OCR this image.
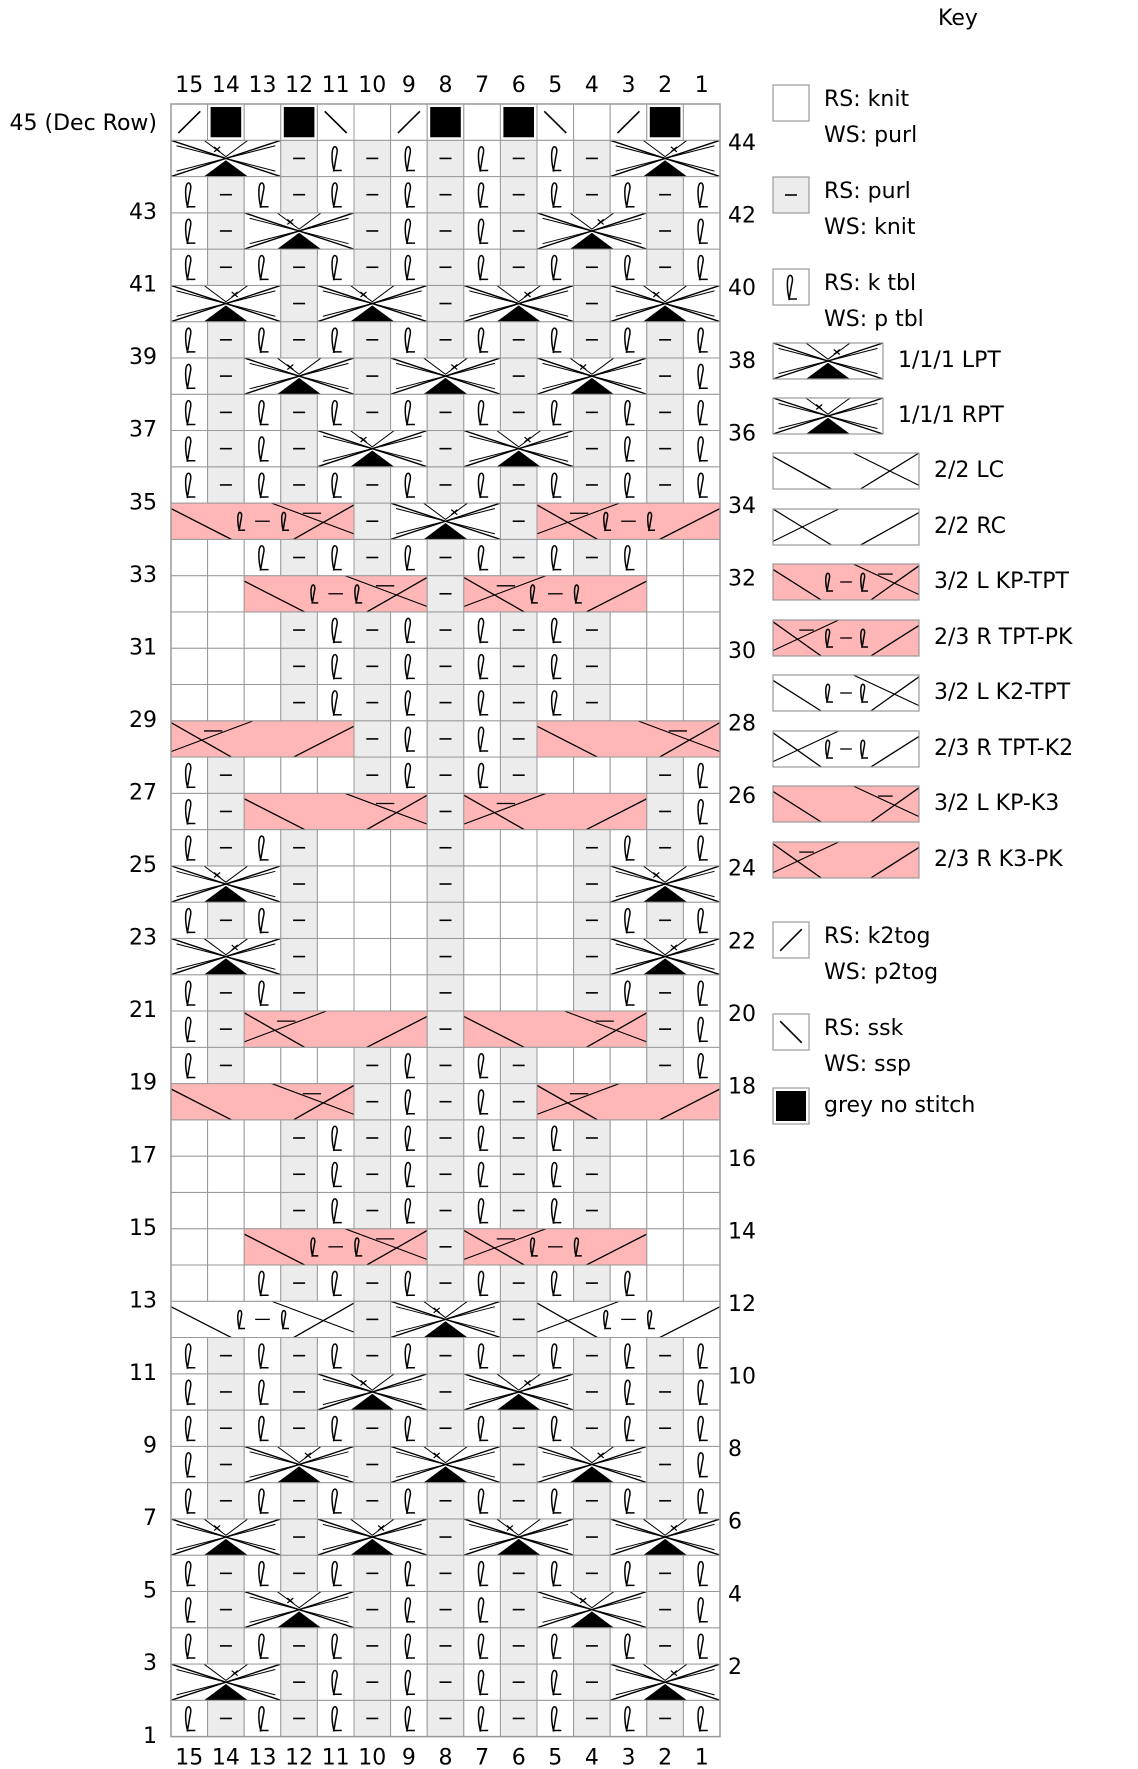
15
15
14
14
13
13
12
12
11
11
10
10
9
9
8
8
7
7
6
6
5
5
4
4
3
3
2
2
1
1
1
2
3
4
5
6
7
8
9
10
11
12
13
14
15
16
17
18
19
20
21
22
23
24
25
26
27
28
29
30
31
32
33
34
35
36
37
38
39
40
41
42
43
44
45 (Dec Row)
Key
RS: knit
WS: purl
RS: purl
WS: knit
RS: k tbl
WS: p tbl
1/1/1 LPT
1/1/1 RPT
2/2 LC
2/2 RC
3/2 L KP-TPT
2/3 R TPT-PK
3/2 L K2-TPT
2/3 R TPT-K2
3/2 L KP-K3
2/3 R K3-PK
RS: k2tog
WS: p2tog
RS: ssk
WS: ssp
grey no stitch
